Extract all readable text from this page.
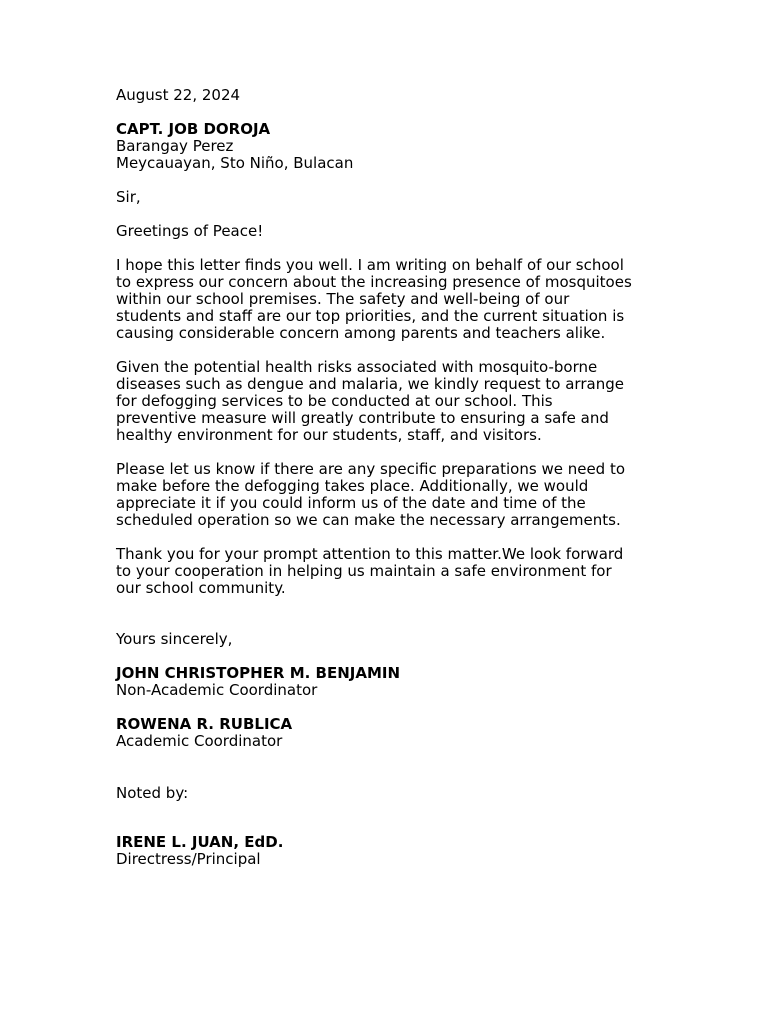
August 22, 2024
CAPT. JOB DOROJA
Barangay Perez
Meycauayan, Sto Niño, Bulacan
Sir,
Greetings of Peace!
I hope this letter finds you well. I am writing on behalf of our school
to express our concern about the increasing presence of mosquitoes
within our school premises. The safety and well-being of our
students and staff are our top priorities, and the current situation is
causing considerable concern among parents and teachers alike.
Given the potential health risks associated with mosquito-borne
diseases such as dengue and malaria, we kindly request to arrange
for defogging services to be conducted at our school. This
preventive measure will greatly contribute to ensuring a safe and
healthy environment for our students, staff, and visitors.
Please let us know if there are any specific preparations we need to
make before the defogging takes place. Additionally, we would
appreciate it if you could inform us of the date and time of the
scheduled operation so we can make the necessary arrangements.
Thank you for your prompt attention to this matter.We look forward
to your cooperation in helping us maintain a safe environment for
our school community.
Yours sincerely,
JOHN CHRISTOPHER M. BENJAMIN
Non-Academic Coordinator
ROWENA R. RUBLICA
Academic Coordinator
Noted by:
IRENE L. JUAN, EdD.
Directress/Principal
